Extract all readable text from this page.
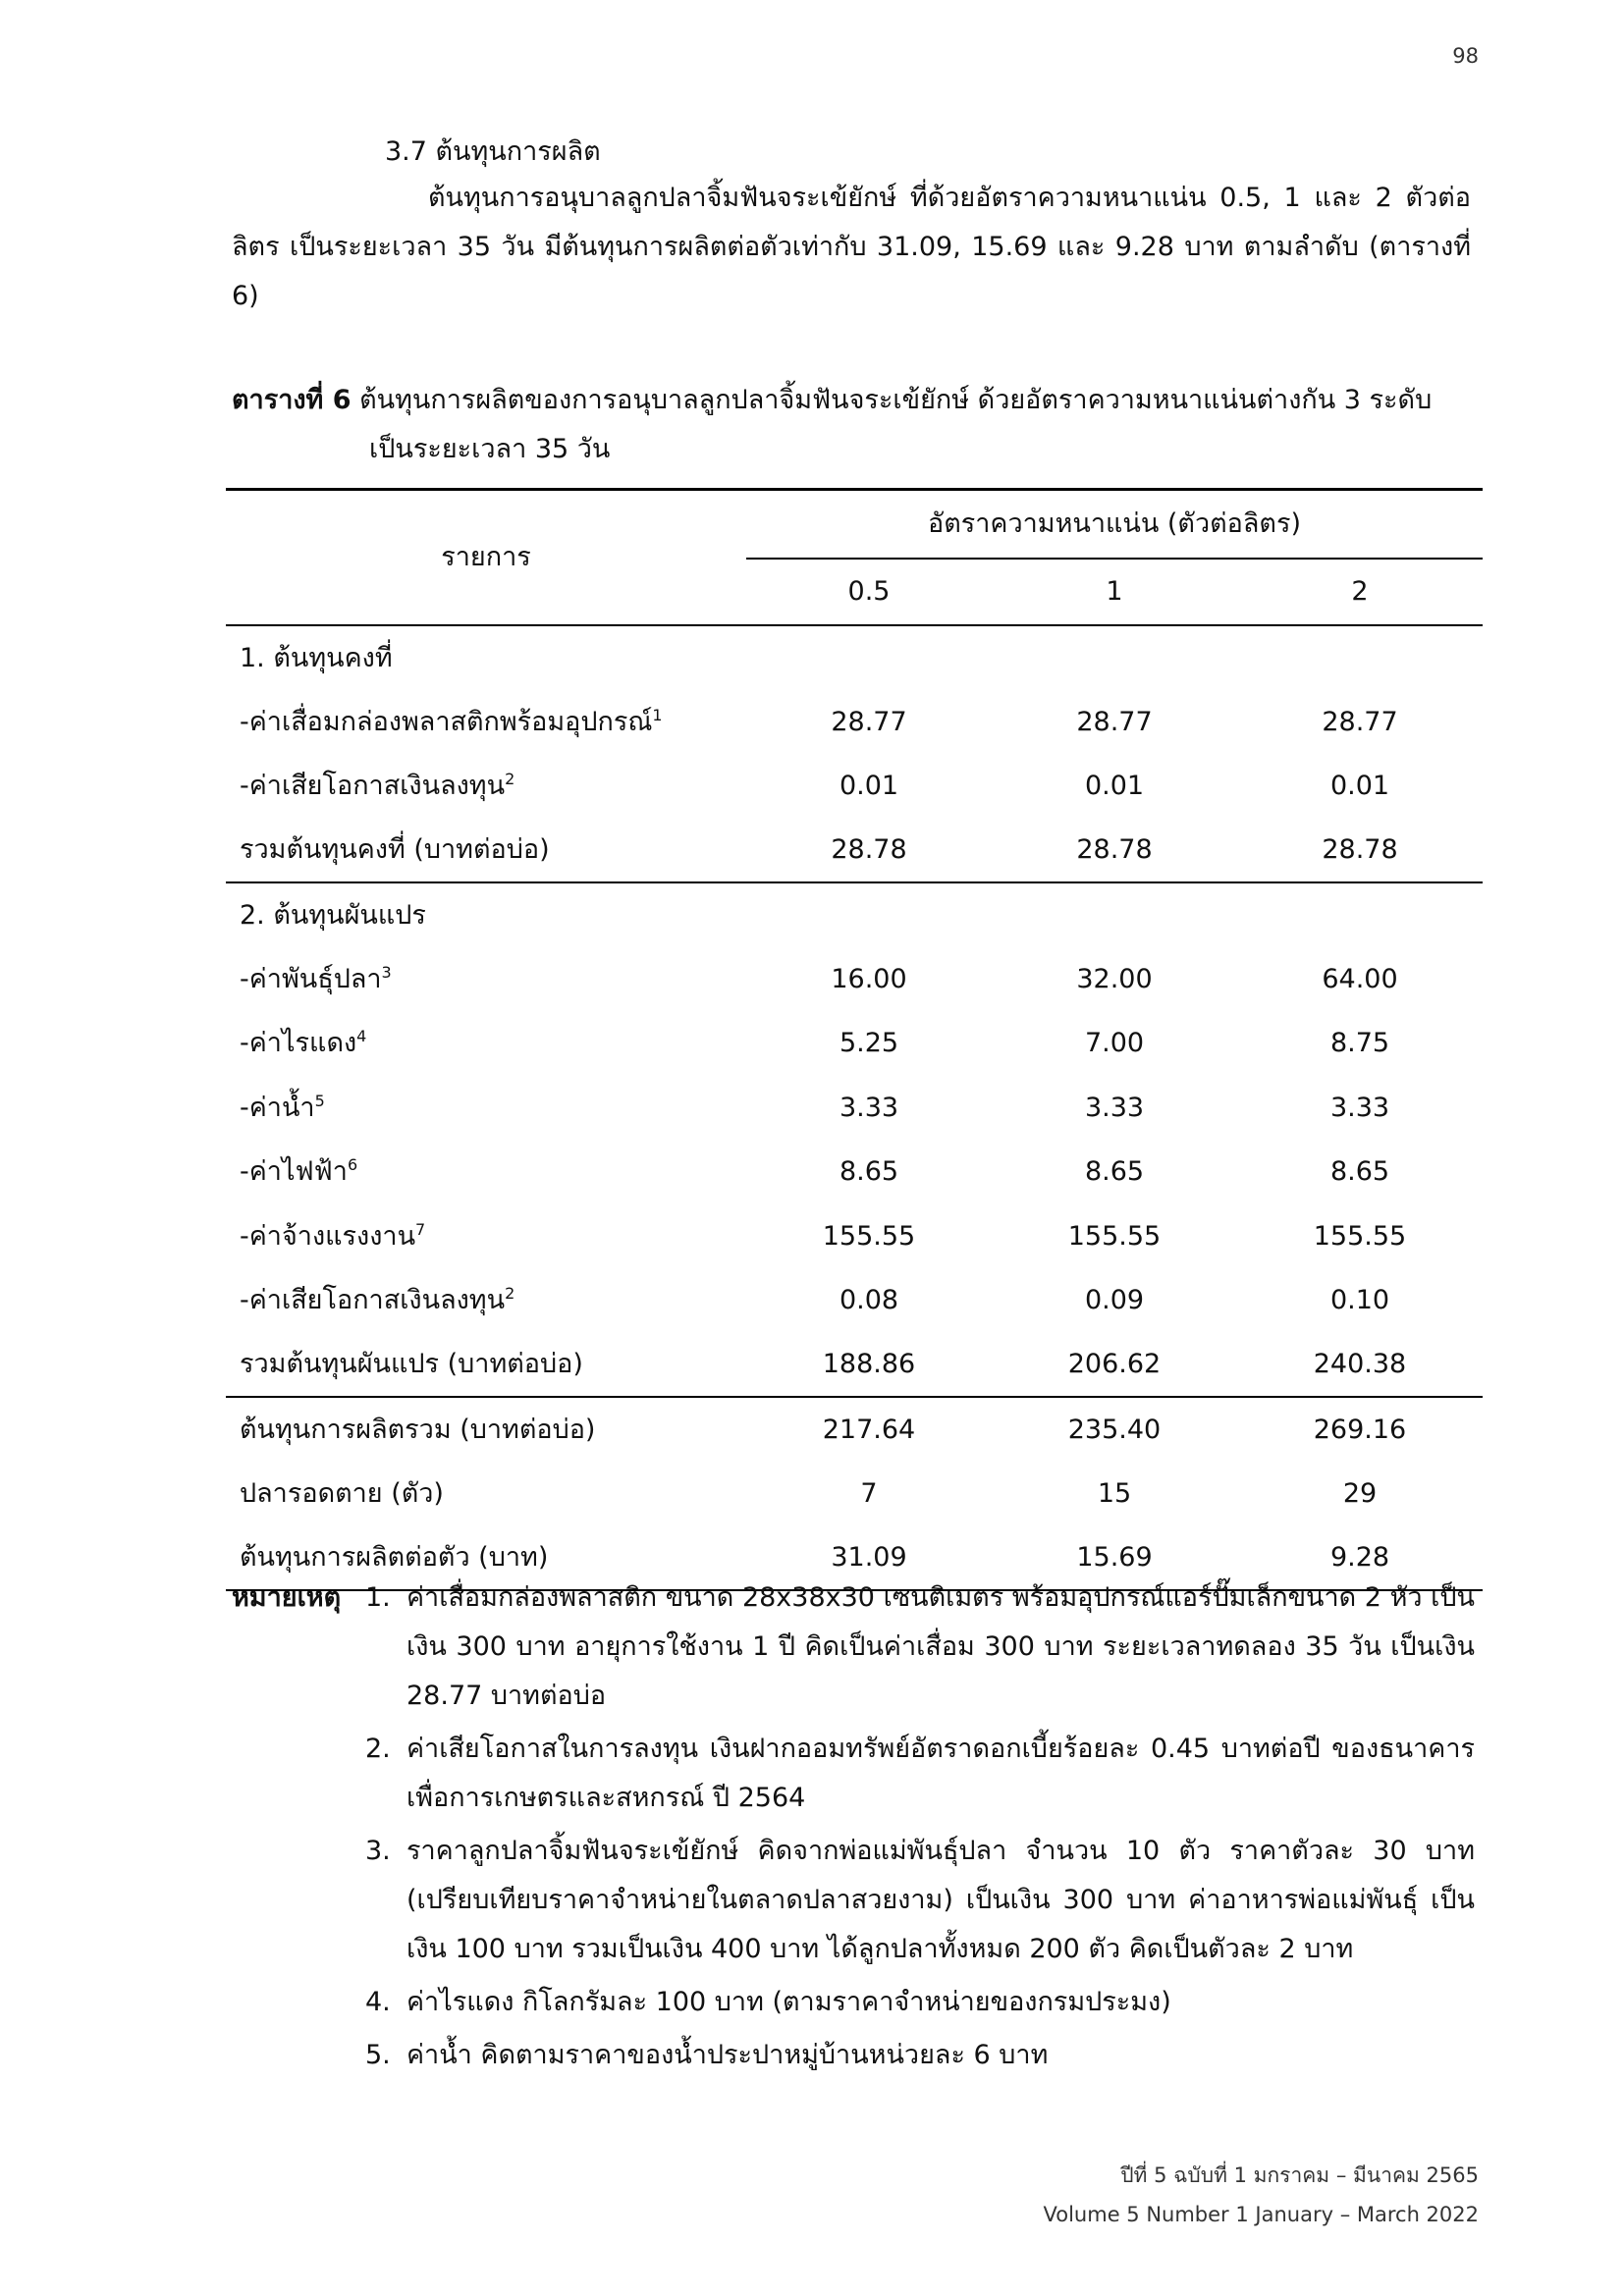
98
3.7 ต้นทุนการผลิต
ต้นทุนการอนุบาลลูกปลาจิ้มฟันจระเข้ยักษ์ ที่ด้วยอัตราความหนาแน่น 0.5, 1 และ 2 ตัวต่อลิตร เป็นระยะเวลา 35 วัน มีต้นทุนการผลิตต่อตัวเท่ากับ 31.09, 15.69 และ 9.28 บาท ตามลำดับ (ตารางที่ 6)
ตารางที่ 6 ต้นทุนการผลิตของการอนุบาลลูกปลาจิ้มฟันจระเข้ยักษ์ ด้วยอัตราความหนาแน่นต่างกัน 3 ระดับ
เป็นระยะเวลา 35 วัน
รายการ	อัตราความหนาแน่น (ตัวต่อลิตร)		
	0.5	1	2
1. ต้นทุนคงที่			
-ค่าเสื่อมกล่องพลาสติกพร้อมอุปกรณ์$^1$	28.77	28.77	28.77
-ค่าเสียโอกาสเงินลงทุน$^2$	0.01	0.01	0.01
รวมต้นทุนคงที่ (บาทต่อบ่อ)	28.78	28.78	28.78
2. ต้นทุนผันแปร			
-ค่าพันธุ์ปลา$^3$	16.00	32.00	64.00
-ค่าไรแดง$^4$	5.25	7.00	8.75
-ค่าน้ำ$^5$	3.33	3.33	3.33
-ค่าไฟฟ้า$^6$	8.65	8.65	8.65
-ค่าจ้างแรงงาน$^7$	155.55	155.55	155.55
-ค่าเสียโอกาสเงินลงทุน$^2$	0.08	0.09	0.10
รวมต้นทุนผันแปร (บาทต่อบ่อ)	188.86	206.62	240.38
ต้นทุนการผลิตรวม (บาทต่อบ่อ)	217.64	235.40	269.16
ปลารอดตาย (ตัว)	7	15	29
ต้นทุนการผลิตต่อตัว (บาท)	31.09	15.69	9.28
หมายเหตุ 1. ค่าเสื่อมกล่องพลาสติก ขนาด 28x38x30 เซนติเมตร พร้อมอุปกรณ์แอร์ปั๊มเล็กขนาด 2 หัว เป็นเงิน 300 บาท อายุการใช้งาน 1 ปี คิดเป็นค่าเสื่อม 300 บาท ระยะเวลาทดลอง 35 วัน เป็นเงิน 28.77 บาทต่อบ่อ
2. ค่าเสียโอกาสในการลงทุน เงินฝากออมทรัพย์อัตราดอกเบี้ยร้อยละ 0.45 บาทต่อปี ของธนาคารเพื่อการเกษตรและสหกรณ์ ปี 2564
3. ราคาลูกปลาจิ้มฟันจระเข้ยักษ์ คิดจากพ่อแม่พันธุ์ปลา จำนวน 10 ตัว ราคาตัวละ 30 บาท (เปรียบเทียบราคาจำหน่ายในตลาดปลาสวยงาม) เป็นเงิน 300 บาท ค่าอาหารพ่อแม่พันธุ์ เป็นเงิน 100 บาท รวมเป็นเงิน 400 บาท ได้ลูกปลาทั้งหมด 200 ตัว คิดเป็นตัวละ 2 บาท
4. ค่าไรแดง กิโลกรัมละ 100 บาท (ตามราคาจำหน่ายของกรมประมง)
5. ค่าน้ำ คิดตามราคาของน้ำประปาหมู่บ้านหน่วยละ 6 บาท
ปีที่ 5 ฉบับที่ 1 มกราคม – มีนาคม 2565
Volume 5 Number 1 January – March 2022
